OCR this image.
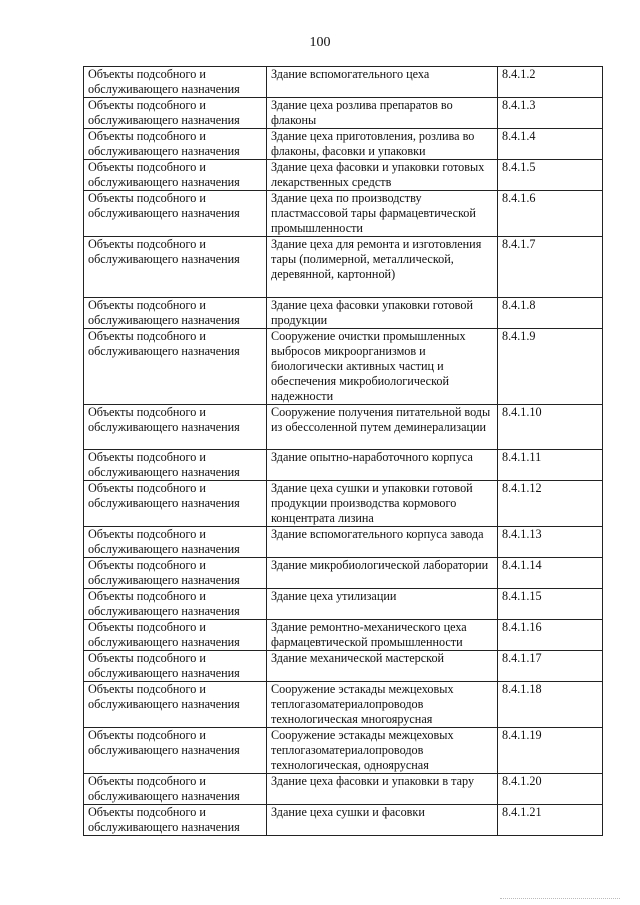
100
Объекты подсобного и обслуживающего назначения	Здание вспомогательного цеха	8.4.1.2
Объекты подсобного и обслуживающего назначения	Здание цеха розлива препаратов во флаконы	8.4.1.3
Объекты подсобного и обслуживающего назначения	Здание цеха приготовления, розлива во флаконы, фасовки и упаковки	8.4.1.4
Объекты подсобного и обслуживающего назначения	Здание цеха фасовки и упаковки готовых лекарственных средств	8.4.1.5
Объекты подсобного и обслуживающего назначения	Здание цеха по производству пластмассовой тары фармацевтической промышленности	8.4.1.6
Объекты подсобного и обслуживающего назначения	Здание цеха для ремонта и изготовления тары (полимерной, металлической, деревянной, картонной)	8.4.1.7
Объекты подсобного и обслуживающего назначения	Здание цеха фасовки упаковки готовой продукции	8.4.1.8
Объекты подсобного и обслуживающего назначения	Сооружение очистки промышленных выбросов микроорганизмов и биологически активных частиц и обеспечения микробиологической надежности	8.4.1.9
Объекты подсобного и обслуживающего назначения	Сооружение получения питательной воды из обессоленной путем деминерализации	8.4.1.10
Объекты подсобного и обслуживающего назначения	Здание опытно-наработочного корпуса	8.4.1.11
Объекты подсобного и обслуживающего назначения	Здание цеха сушки и упаковки готовой продукции производства кормового концентрата лизина	8.4.1.12
Объекты подсобного и обслуживающего назначения	Здание вспомогательного корпуса завода	8.4.1.13
Объекты подсобного и обслуживающего назначения	Здание микробиологической лаборатории	8.4.1.14
Объекты подсобного и обслуживающего назначения	Здание цеха утилизации	8.4.1.15
Объекты подсобного и обслуживающего назначения	Здание ремонтно-механического цеха фармацевтической промышленности	8.4.1.16
Объекты подсобного и обслуживающего назначения	Здание механической мастерской	8.4.1.17
Объекты подсобного и обслуживающего назначения	Сооружение эстакады межцеховых теплогазоматериалопроводов технологическая многоярусная	8.4.1.18
Объекты подсобного и обслуживающего назначения	Сооружение эстакады межцеховых теплогазоматериалопроводов технологическая, одноярусная	8.4.1.19
Объекты подсобного и обслуживающего назначения	Здание цеха фасовки и упаковки в тару	8.4.1.20
Объекты подсобного и обслуживающего назначения	Здание цеха сушки и фасовки	8.4.1.21
